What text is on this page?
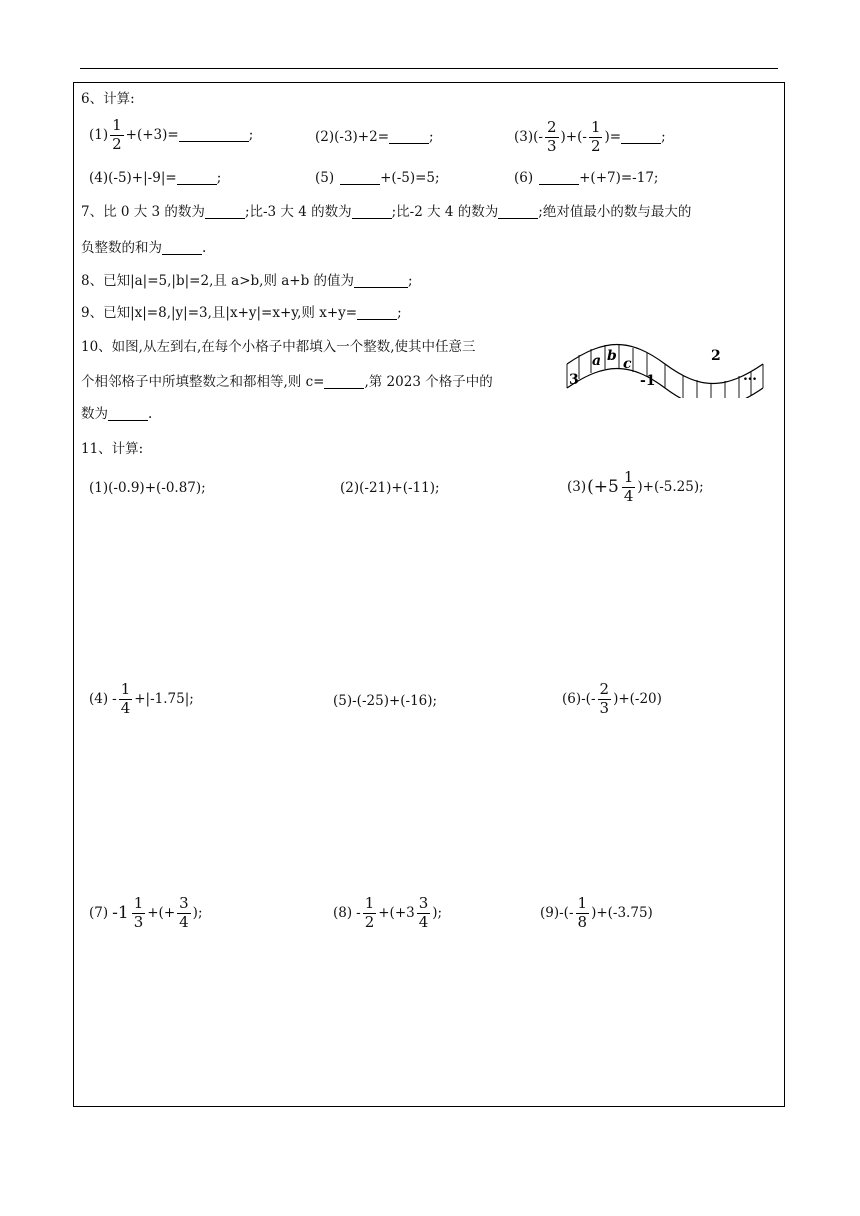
6、计算:
$(1) \frac{1}{2} +(+3)=$	;	(2)(-3)+2=	;	(3) (- $\frac{2}{3}$ )+(- $\frac{1}{2}$ )=	;
(4)(-5)+|-9|=	;	(5)	+(-5)=5;	(6)	+(+7)=-17;
7、比 0 大 3 的数为	;比-3 大 4 的数为	;比-2 大 4 的数为	;绝对值最小的数与最大的
负整数的和为	.
8、已知|a|=5,|b|=2,且 a>b,则 a+b 的值为	;
9、已知|x|=8,|y|=3,且|x+y|=x+y,则 x+y=	;
10、如图,从左到右,在每个小格子中都填入一个整数,使其中任意三
个相邻格子中所填整数之和都相等,则 c=	,第 2023 个格子中的
数为	.
3
a b c
-1
2
…
11、计算:
(1)(-0.9)+(-0.87);	(2)(-21)+(-11);	(3) $(+5 \frac{1}{4} )+(-5.25)$;
$(4) - \frac{1}{4} +|-1.75|$;	(5)-(-25)+(-16);	(6) -(- $\frac{2}{3} )+(-20)$
(7) $-1 \frac{1}{3}$ +(+ $\frac{3}{4}$ );	$(8) - \frac{1}{2} +(+3 \frac{3}{4}$ );	(9) -(- $\frac{1}{8} )+(-3.75)$
